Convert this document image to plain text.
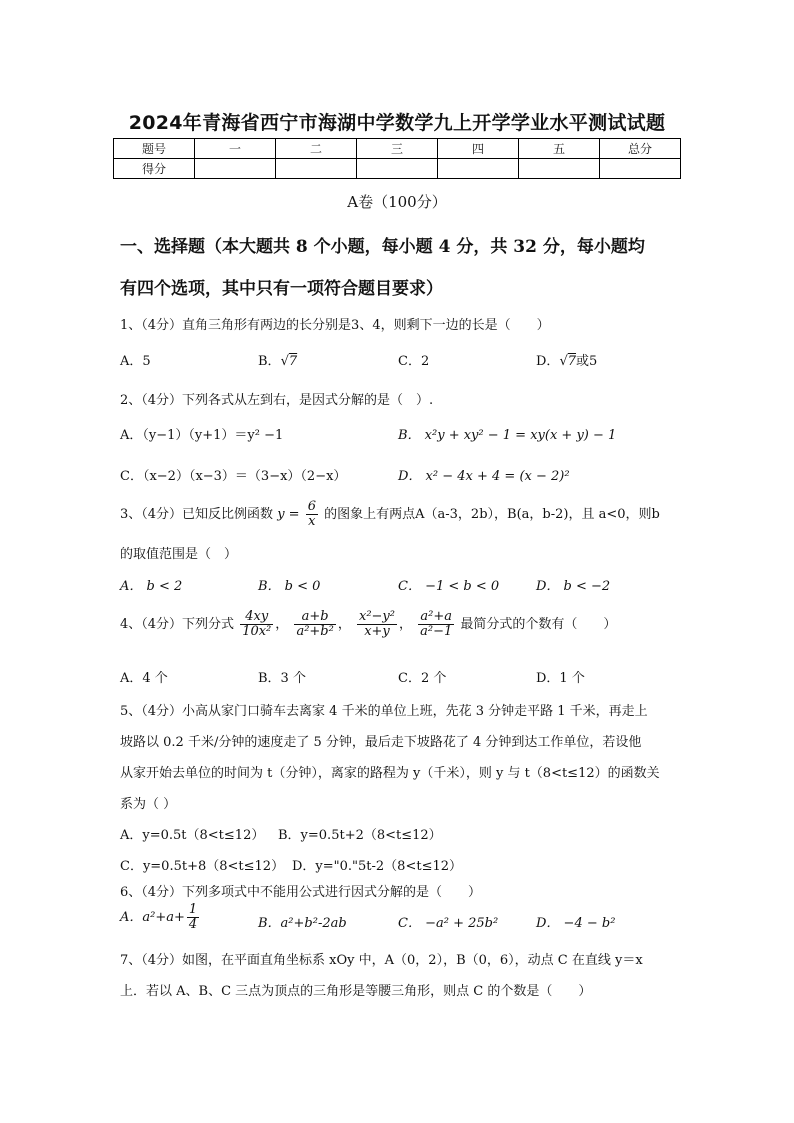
2024年青海省西宁市海湖中学数学九上开学学业水平测试试题
题号	一	二	三	四	五	总分
得分						
A卷（100分）
一、选择题（本大题共 8 个小题，每小题 4 分，共 32 分，每小题均
有四个选项，其中只有一项符合题目要求）
1、（4分）直角三角形有两边的长分别是3、4，则剩下一边的长是（　　）
A．5	B．√7	C．2	D．√7或5
2、（4分）下列各式从左到右，是因式分解的是（　）.
A．（y−1）（y+1）＝y² −1	B． x²y + xy² − 1 = xy(x + y) − 1
C．（x−2）（x−3）＝（3−x）（2−x）	D． x² − 4x + 4 = (x − 2)²
3、（4分）已知反比例函数 $y = \frac{6}{x}$ 的图象上有两点A（a-3，2b），B(a，b-2)，且 a<0，则b
的取值范围是（　）
A． b < 2	B． b < 0	C． −1 < b < 0	D． b < −2
4、（4分）下列分式 $\frac{4xy}{\text{10x²}}$ ， $\frac{a+b}{\text{a²+b²}}$ ， $\frac{\text{x²−y²}}{x+y}$ ， $\frac{\text{a²+a}}{\text{a²−1}}$ 最简分式的个数有（　　）
A．4 个	B．3 个	C．2 个	D．1 个
5、（4分）小高从家门口骑车去离家 4 千米的单位上班，先花 3 分钟走平路 1 千米，再走上
坡路以 0.2 千米/分钟的速度走了 5 分钟，最后走下坡路花了 4 分钟到达工作单位，若设他
从家开始去单位的时间为 t（分钟），离家的路程为 y（千米），则 y 与 t（8<t≤12）的函数关
系为（ ）
A．y=0.5t（8<t≤12） B．y=0.5t+2（8<t≤12）
C．y=0.5t+8（8<t≤12） D．y="0."5t-2（8<t≤12）
6、（4分）下列多项式中不能用公式进行因式分解的是（　　）
A．$a^2+a+ \frac{1}{4}$	B．a²+b²-2ab	C． −a² + 25b²	D． −4 − b²
7、（4分）如图，在平面直角坐标系 xOy 中，A（0，2），B（0，6），动点 C 在直线 y＝x
上．若以 A、B、C 三点为顶点的三角形是等腰三角形，则点 C 的个数是（　　）
